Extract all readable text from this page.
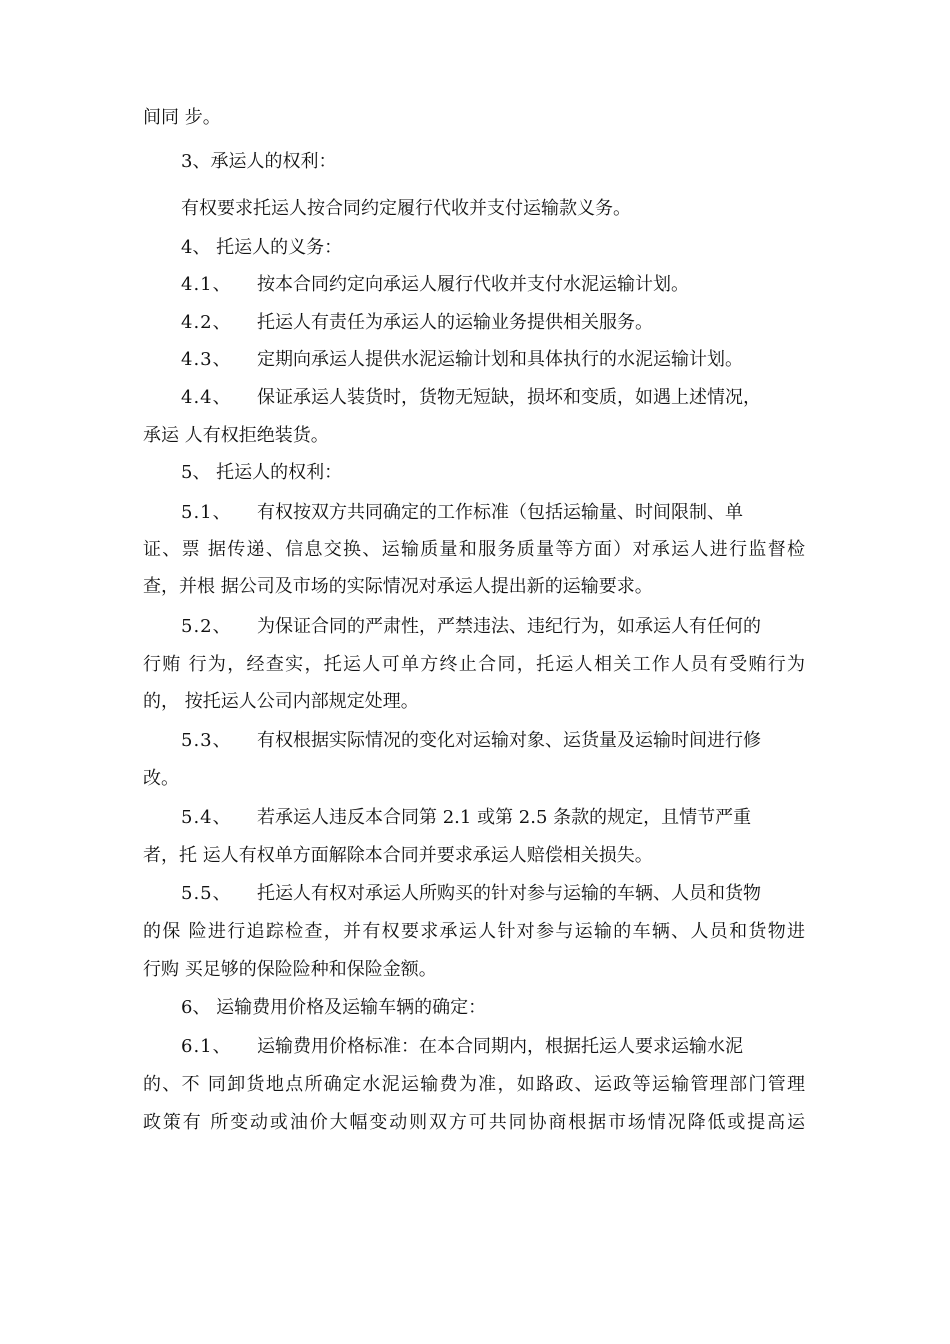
间同 步。
3、承运人的权利：
有权要求托运人按合同约定履行代收并支付运输款义务。
4、 托运人的义务：
4.1、 按本合同约定向承运人履行代收并支付水泥运输计划。
4.2、 托运人有责任为承运人的运输业务提供相关服务。
4.3、 定期向承运人提供水泥运输计划和具体执行的水泥运输计划。
4.4、 保证承运人装货时，货物无短缺，损坏和变质，如遇上述情况，
承运 人有权拒绝装货。
5、 托运人的权利：
5.1、 有权按双方共同确定的工作标准（包括运输量、时间限制、单
证、票 据传递、信息交换、运输质量和服务质量等方面）对承运人进行监督检
查，并根 据公司及市场的实际情况对承运人提出新的运输要求。
5.2、 为保证合同的严肃性，严禁违法、违纪行为，如承运人有任何的
行贿 行为，经查实，托运人可单方终止合同，托运人相关工作人员有受贿行为
的， 按托运人公司内部规定处理。
5.3、 有权根据实际情况的变化对运输对象、运货量及运输时间进行修
改。
5.4、 若承运人违反本合同第 2.1 或第 2.5 条款的规定，且情节严重
者，托 运人有权单方面解除本合同并要求承运人赔偿相关损失。
5.5、 托运人有权对承运人所购买的针对参与运输的车辆、人员和货物
的保 险进行追踪检查，并有权要求承运人针对参与运输的车辆、人员和货物进
行购 买足够的保险险种和保险金额。
6、 运输费用价格及运输车辆的确定：
6.1、 运输费用价格标准：在本合同期内，根据托运人要求运输水泥
的、不 同卸货地点所确定水泥运输费为准，如路政、运政等运输管理部门管理
政策有 所变动或油价大幅变动则双方可共同协商根据市场情况降低或提高运
